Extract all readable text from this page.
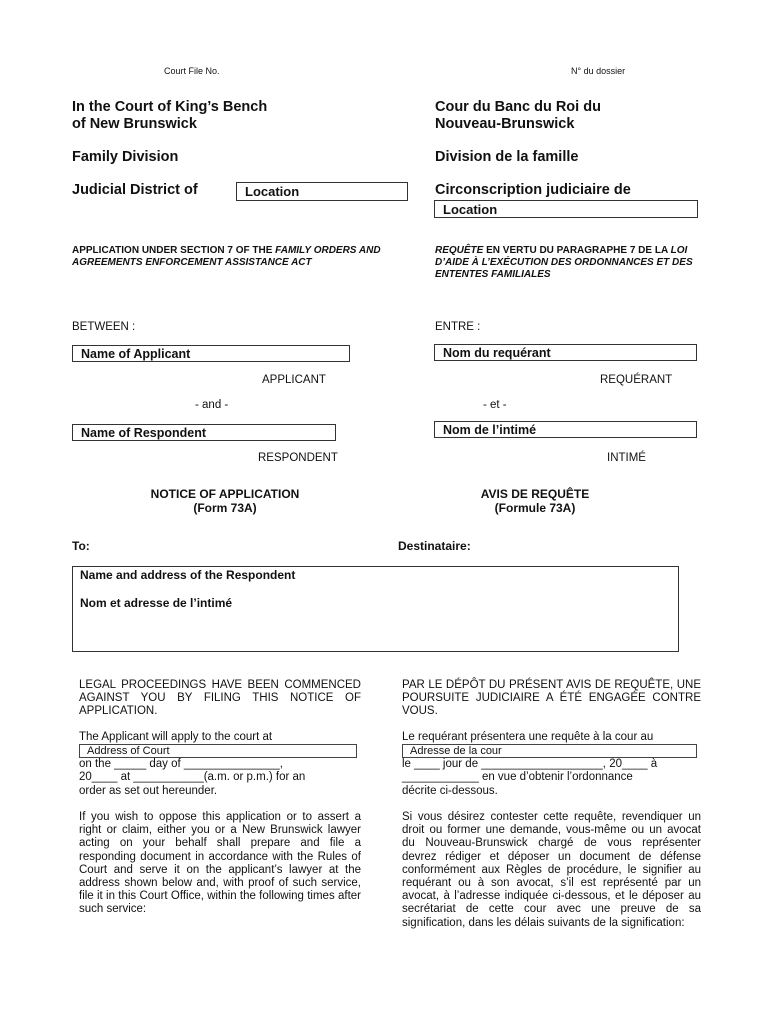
Court File No.	N° du dossier
In the Court of King’s Bench
of New Brunswick
Cour du Banc du Roi du
Nouveau-Brunswick
Family Division	Division de la famille
Judicial District of	Location	Circonscription judiciaire de
Location
APPLICATION UNDER SECTION 7 OF THE FAMILY ORDERS AND AGREEMENTS ENFORCEMENT ASSISTANCE ACT
REQUÊTE EN VERTU DU PARAGRAPHE 7 DE LA LOI D’AIDE À L’EXÉCUTION DES ORDONNANCES ET DES ENTENTES FAMILIALES
BETWEEN :	ENTRE :
Name of Applicant	Nom du requérant
APPLICANT	REQUÉRANT
- and -	- et -
Name of Respondent	Nom de l’intimé
RESPONDENT	INTIMÉ
NOTICE OF APPLICATION
(Form 73A)
AVIS DE REQUÊTE
(Formule 73A)
To:	Destinataire:
Name and address of the Respondent
Nom et adresse de l’intimé
LEGAL PROCEEDINGS HAVE BEEN COMMENCED AGAINST YOU BY FILING THIS NOTICE OF APPLICATION.
PAR LE DÉPÔT DU PRÉSENT AVIS DE REQUÊTE, UNE POURSUITE JUDICIAIRE A ÉTÉ ENGAGÉE CONTRE VOUS.
The Applicant will apply to the court at
Address of Court
on the _____ day of _______________,
20____ at ___________(a.m. or p.m.) for an
order as set out hereunder.
Le requérant présentera une requête à la cour au
Adresse de la cour
le ____ jour de ___________________, 20____ à
____________ en vue d’obtenir l’ordonnance
décrite ci-dessous.
If you wish to oppose this application or to assert a right or claim, either you or a New Brunswick lawyer acting on your behalf shall prepare and file a responding document in accordance with the Rules of Court and serve it on the applicant’s lawyer at the address shown below and, with proof of such service, file it in this Court Office, within the following times after such service:
Si vous désirez contester cette requête, revendiquer un droit ou former une demande, vous-même ou un avocat du Nouveau-Brunswick chargé de vous représenter devrez rédiger et déposer un document de défense conformément aux Règles de procédure, le signifier au requérant ou à son avocat, s’il est représenté par un avocat, à l’adresse indiquée ci-dessous, et le déposer au secrétariat de cette cour avec une preuve de sa signification, dans les délais suivants de la signification:
